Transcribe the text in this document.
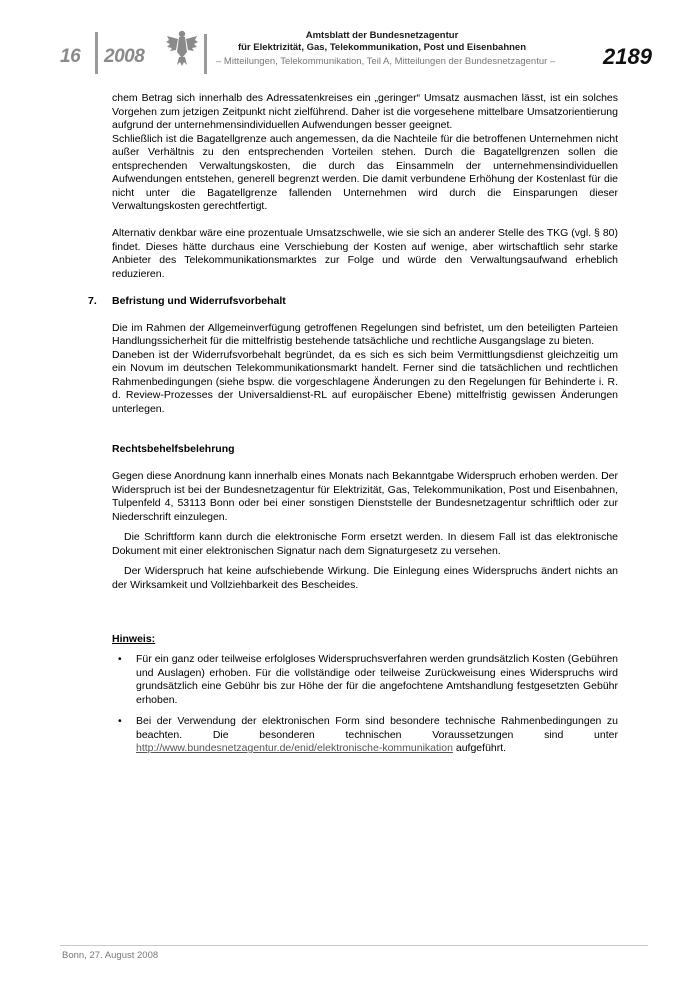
16 2008
Amtsblatt der Bundesnetzagentur
für Elektrizität, Gas, Telekommunikation, Post und Eisenbahnen
– Mitteilungen, Telekommunikation, Teil A, Mitteilungen der Bundesnetzagentur – 2189

chem Betrag sich innerhalb des Adressatenkreises ein „geringer“ Umsatz ausmachen lässt, ist ein solches Vorgehen zum jetzigen Zeitpunkt nicht zielführend. Daher ist die vorgesehene mittelbare Umsatzorientierung aufgrund der unternehmensindividuellen Aufwendungen besser geeignet.

Schließlich ist die Bagatellgrenze auch angemessen, da die Nachteile für die betroffenen Unternehmen nicht außer Verhältnis zu den entsprechenden Vorteilen stehen. Durch die Bagatellgrenzen sollen die entsprechenden Verwaltungskosten, die durch das Einsammeln der unternehmensindividuellen Aufwendungen entstehen, generell begrenzt werden. Die damit verbundene Erhöhung der Kostenlast für die nicht unter die Bagatellgrenze fallenden Unternehmen wird durch die Einsparungen dieser Verwaltungskosten gerechtfertigt.

Alternativ denkbar wäre eine prozentuale Umsatzschwelle, wie sie sich an anderer Stelle des TKG (vgl. § 80) findet. Dieses hätte durchaus eine Verschiebung der Kosten auf wenige, aber wirtschaftlich sehr starke Anbieter des Telekommunikationsmarktes zur Folge und würde den Verwaltungsaufwand erheblich reduzieren.

7. Befristung und Widerrufsvorbehalt

Die im Rahmen der Allgemeinverfügung getroffenen Regelungen sind befristet, um den beteiligten Parteien Handlungssicherheit für die mittelfristig bestehende tatsächliche und rechtliche Ausgangslage zu bieten.

Daneben ist der Widerrufsvorbehalt begründet, da es sich es sich beim Vermittlungsdienst gleichzeitig um ein Novum im deutschen Telekommunikationsmarkt handelt. Ferner sind die tatsächlichen und rechtlichen Rahmenbedingungen (siehe bspw. die vorgeschlagene Änderungen zu den Regelungen für Behinderte i. R. d. Review-Prozesses der Universaldienst-RL auf europäischer Ebene) mittelfristig gewissen Änderungen unterlegen.

Rechtsbehelfsbelehrung

Gegen diese Anordnung kann innerhalb eines Monats nach Bekanntgabe Widerspruch erhoben werden. Der Widerspruch ist bei der Bundesnetzagentur für Elektrizität, Gas, Telekommunikation, Post und Eisenbahnen, Tulpenfeld 4, 53113 Bonn oder bei einer sonstigen Dienststelle der Bundesnetzagentur schriftlich oder zur Niederschrift einzulegen.

Die Schriftform kann durch die elektronische Form ersetzt werden. In diesem Fall ist das elektronische Dokument mit einer elektronischen Signatur nach dem Signaturgesetz zu versehen.

Der Widerspruch hat keine aufschiebende Wirkung. Die Einlegung eines Widerspruchs ändert nichts an der Wirksamkeit und Vollziehbarkeit des Bescheides.

Hinweis:

• Für ein ganz oder teilweise erfolgloses Widerspruchsverfahren werden grundsätzlich Kosten (Gebühren und Auslagen) erhoben. Für die vollständige oder teilweise Zurückweisung eines Widerspruchs wird grundsätzlich eine Gebühr bis zur Höhe der für die angefochtene Amtshandlung festgesetzten Gebühr erhoben.
• Bei der Verwendung der elektronischen Form sind besondere technische Rahmenbedingungen zu beachten. Die besonderen technischen Voraussetzungen sind unter http://www.bundesnetzagentur.de/enid/elektronische-kommunikation aufgeführt.
Bonn, 27. August 2008
